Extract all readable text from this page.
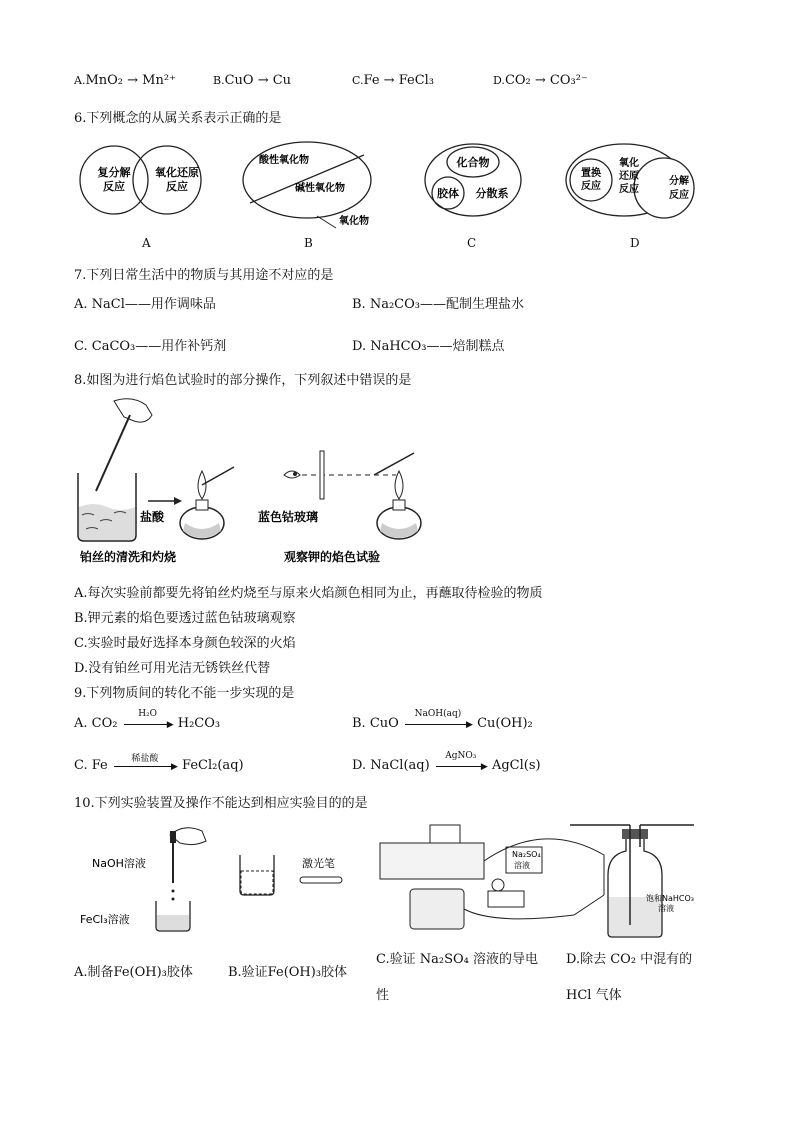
A.MnO₂ → Mn²⁺	B.CuO → Cu	C.Fe → FeCl₃	D.CO₂ → CO₃²⁻
6.下列概念的从属关系表示正确的是
复分解
反应
氧化还原
反应
酸性氧化物
碱性氧化物
氧化物
化合物
胶体 分散系
置换
反应
氧化
还原
反应
分解
反应
A	B	C	D
7.下列日常生活中的物质与其用途不对应的是
A. NaCl——用作调味品	B. Na₂CO₃——配制生理盐水
C. CaCO₃——用作补钙剂	D. NaHCO₃——焙制糕点
8.如图为进行焰色试验时的部分操作，下列叙述中错误的是
盐酸	蓝色钴玻璃
铂丝的清洗和灼烧	观察钾的焰色试验
A.每次实验前都要先将铂丝灼烧至与原来火焰颜色相同为止，再蘸取待检验的物质
B.钾元素的焰色要透过蓝色钴玻璃观察
C.实验时最好选择本身颜色较深的火焰
D.没有铂丝可用光洁无锈铁丝代替
9.下列物质间的转化不能一步实现的是
A. CO₂
H₂O
▶ H₂CO₃	B. CuO
NaOH(aq)
▶ Cu(OH)₂
C. Fe	稀盐酸
▶ FeCl₂(aq)	D. NaCl(aq)
AgNO₃
▶ AgCl(s)
10.下列实验装置及操作不能达到相应实验目的的是
NaOH溶液
FeCl₃溶液
激光笔
Na₂SO₄
溶液
饱和NaHCO₃
溶液
A.制备Fe(OH)₃胶体	B.验证Fe(OH)₃胶体
C.验证 Na₂SO₄ 溶液的导电
性
D.除去 CO₂ 中混有的
HCl 气体
